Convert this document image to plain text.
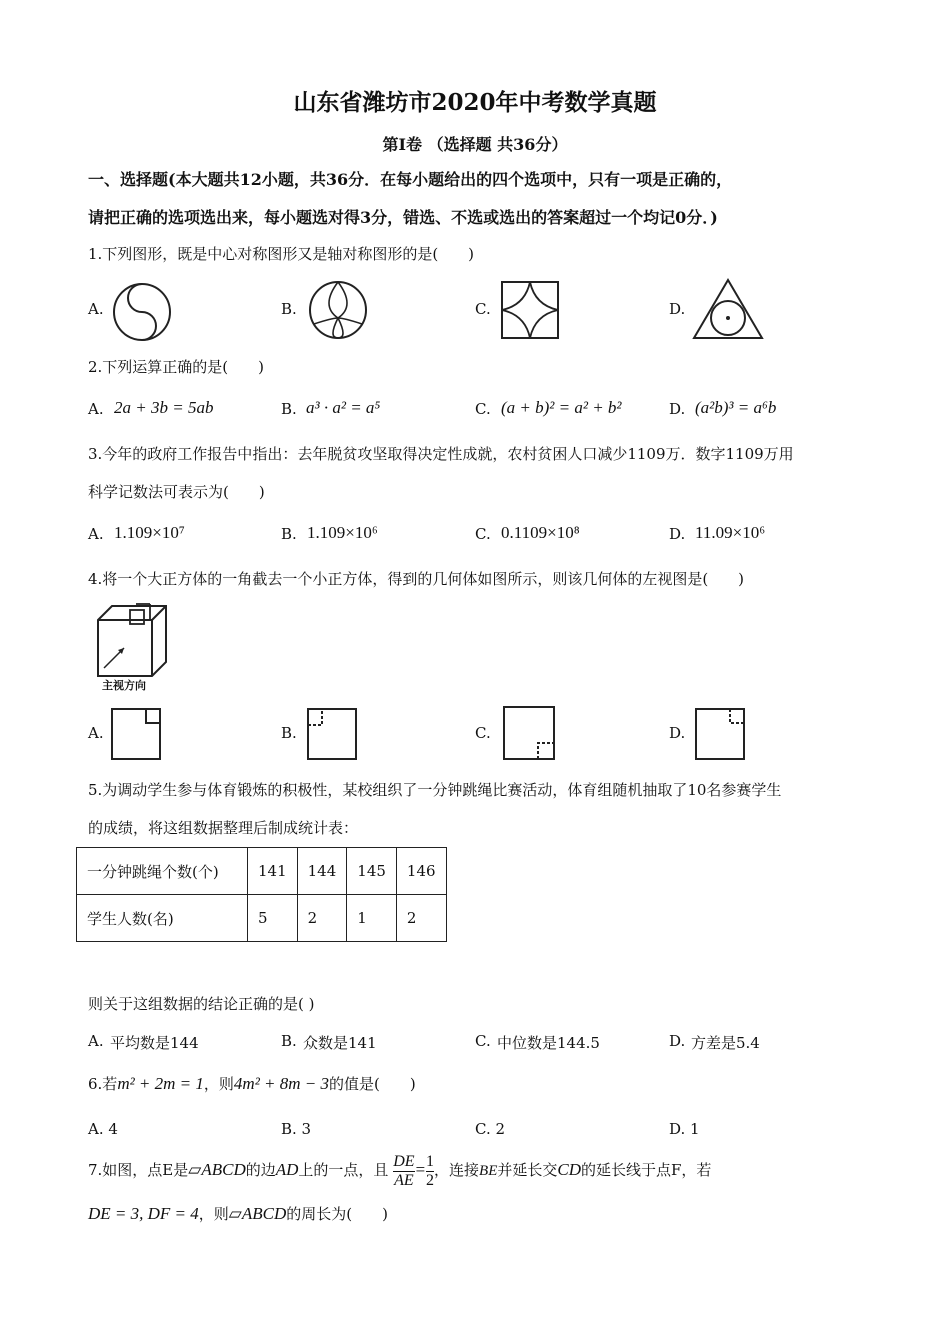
山东省潍坊市2020年中考数学真题
第Ⅰ卷 （选择题 共36分）
一、选择题(本大题共12小题，共36分．在每小题给出的四个选项中，只有一项是正确的，
请把正确的选项选出来，每小题选对得3分，错选、不选或选出的答案超过一个均记0分．)
1.下列图形，既是中心对称图形又是轴对称图形的是(　　)
A.	B.	C.	D.
2.下列运算正确的是(　　)
A. 2a + 3b = 5ab	B. a³ · a² = a⁵	C. (a + b)² = a² + b²	D. (a²b)³ = a⁶b
3.今年的政府工作报告中指出：去年脱贫攻坚取得决定性成就，农村贫困人口减少1109万．数字1109万用
科学记数法可表示为(　　)
A. 1.109×10⁷	B. 1.109×10⁶	C. 0.1109×10⁸	D. 11.09×10⁶
4.将一个大正方体的一角截去一个小正方体，得到的几何体如图所示，则该几何体的左视图是(　　)
主视方向
A.	B.	C.	D.
5.为调动学生参与体育锻炼的积极性，某校组织了一分钟跳绳比赛活动，体育组随机抽取了10名参赛学生
的成绩，将这组数据整理后制成统计表：
一分钟跳绳个数(个)	141	144	145	146
学生人数(名)	5	2	1	2
则关于这组数据的结论正确的是( )
A. 平均数是144	B. 众数是141	C. 中位数是144.5	D. 方差是5.4
6.若m² + 2m = 1，则4m² + 8m − 3的值是(　　)
A. 4	B. 3	C. 2	D. 1
7.如图，点E是▱ABCD的边AD上的一点，且 $\frac{DE}{AE} = \frac{1}{2}$ ，连接BE并延长交CD的延长线于点F，若
DE = 3, DF = 4，则▱ABCD的周长为(　　)
